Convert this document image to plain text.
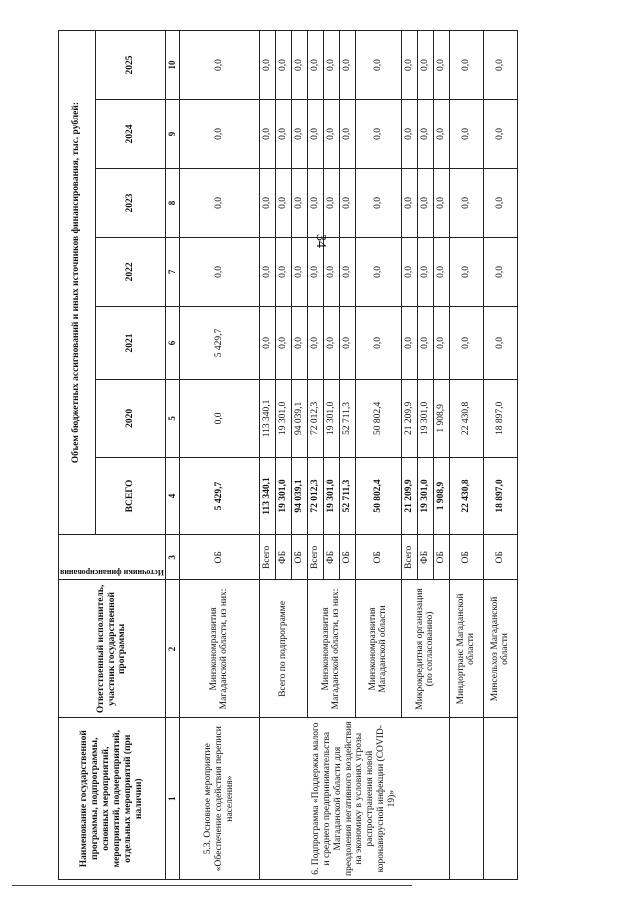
34
Наименование государственной программы, подпрограммы, основных мероприятий, мероприятий, подмероприятий, отдельных мероприятий (при наличии)	Ответственный исполнитель, участник государственной программы	Источники финансирования	Объем бюджетных ассигнований и иных источников финансирования, тыс. рублей:						
			ВСЕГО	2020	2021	2022	2023	2024	2025
1	2	3	4	5	6	7	8	9	10
5.3. Основное мероприятие «Обеспечение содействия переписи населения»	Минэкономразвития Магаданской области, из них:	ОБ	5 429,7	0,0	5 429,7	0,0	0,0	0,0	0,0
6. Подпрограмма «Поддержка малого и среднего предпринимательства Магаданской области для преодоления негативного воздействия на экономику в условиях угрозы распространения новой коронавирусной инфекции (COVID-19)»	Всего по подпрограмме	Всего	113 340,1	113 340,1	0,0	0,0	0,0	0,0	0,0
		ФБ	19 301,0	19 301,0	0,0	0,0	0,0	0,0	0,0
		ОБ	94 039,1	94 039,1	0,0	0,0	0,0	0,0	0,0
	Минэкономразвития Магаданской области, из них:	Всего	72 012,3	72 012,3	0,0	0,0	0,0	0,0	0,0
		ФБ	19 301,0	19 301,0	0,0	0,0	0,0	0,0	0,0
		ОБ	52 711,3	52 711,3	0,0	0,0	0,0	0,0	0,0
	Минэкономразвития Магаданской области	ОБ	50 802,4	50 802,4	0,0	0,0	0,0	0,0	0,0
	Микрокредитная организация (по согласованию)	Всего	21 209,9	21 209,9	0,0	0,0	0,0	0,0	0,0
		ФБ	19 301,0	19 301,0	0,0	0,0	0,0	0,0	0,0
		ОБ	1 908,9	1 908,9	0,0	0,0	0,0	0,0	0,0
	Миндортранс Магаданской области	ОБ	22 430,8	22 430,8	0,0	0,0	0,0	0,0	0,0
	Минсельхоз Магаданской области	ОБ	18 897,0	18 897,0	0,0	0,0	0,0	0,0	0,0
